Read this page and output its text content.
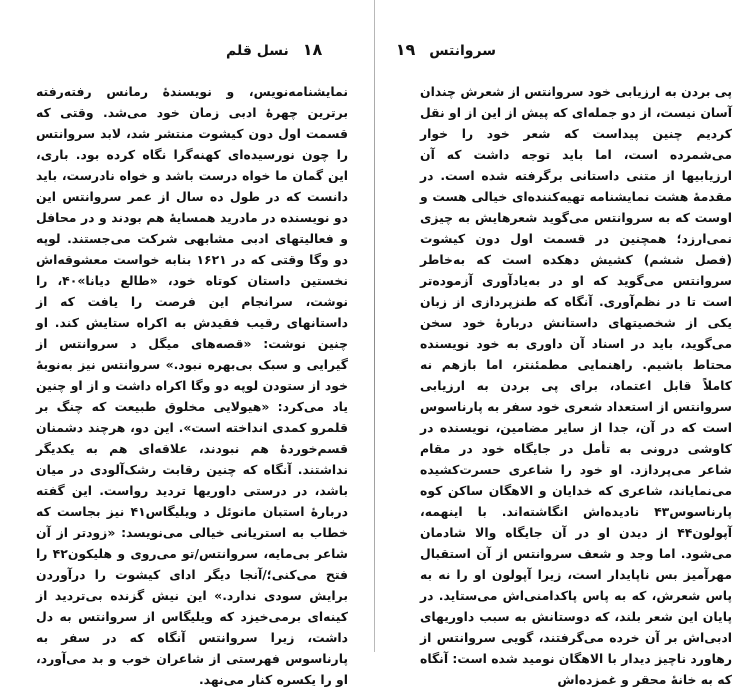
۱۸
نسل قلم

نمایشنامه‌نویس، و نویسندهٔ رمانس رفته‌رفته برترین چهرهٔ ادبی زمان خود می‌شد. وقتی که قسمت اول دون کیشوت منتشر شد، لابد سروانتس را چون نورسیده‌ای کهنه‌گرا نگاه کرده بود. باری، این گمان ما خواه درست باشد و خواه نادرست، باید دانست که در طول ده سال از عمر سروانتس این دو نویسنده در مادرید همسایهٔ هم بودند و در محافل و فعالیتهای ادبی مشابهی شرکت می‌جستند. لوپه دو وگا وقتی که در ۱۶۲۱ بنابه خواست معشوقه‌اش نخستین داستان کوتاه خود، «طالع دیانا»۴۰، را نوشت، سرانجام این فرصت را یافت که از داستانهای رقیب فقیدش به اکراه ستایش کند. او چنین نوشت: «قصه‌های میگل د سروانتس از گیرایی و سبک بی‌بهره نبود.» سروانتس نیز به‌نوبهٔ خود از ستودن لوپه دو وگا اکراه داشت و از او چنین یاد می‌کرد: «هیولایی مخلوق طبیعت که چنگ بر قلمرو کمدی انداخته است». این دو، هرچند دشمنان قسم‌خوردهٔ هم نبودند، علاقه‌ای هم به یکدیگر نداشتند. آنگاه که چنین رقابت رشک‌آلودی در میان باشد، در درستی داوریها تردید رواست. این گفته دربارهٔ استبان مانوئل د ویلیگاس۴۱ نیز بجاست که خطاب به استریانی خیالی می‌نویسد: «زودتر از آن شاعر بی‌مایه، سروانتس/تو می‌روی و هلیکون۴۲ را فتح می‌کنی؛/آنجا دیگر ادای کیشوت را درآوردن برایش سودی ندارد.» این نیش گزنده بی‌تردید از کینه‌ای برمی‌خیزد که ویلیگاس از سروانتس به دل داشت، زیرا سروانتس آنگاه که در سفر به پارناسوس فهرستی از شاعران خوب و بد می‌آورد، او را یکسره کنار می‌نهد.

سروانتس
۱۹

پی بردن به ارزیابی خود سروانتس از شعرش چندان آسان نیست، از دو جمله‌ای که پیش از این از او نقل کردیم چنین پیداست که شعر خود را خوار می‌شمرده است، اما باید توجه داشت که آن ارزیابیها از متنی داستانی برگرفته شده است. در مقدمهٔ هشت نمایشنامه تهیه‌کننده‌ای خیالی هست و اوست که به سروانتس می‌گوید شعرهایش به چیزی نمی‌ارزد؛ همچنین در قسمت اول دون کیشوت (فصل ششم) کشیش دهکده است که به‌خاطر سروانتس می‌گوید که او در به‌یادآوری آزموده‌تر است تا در نظم‌آوری. آنگاه که طنزپردازی از زبان یکی از شخصیتهای داستانش دربارهٔ خود سخن می‌گوید، باید در اسناد آن داوری به خود نویسنده محتاط باشیم. راهنمایی مطمئنتر، اما بازهم نه کاملاً قابل اعتماد، برای پی بردن به ارزیابی سروانتس از استعداد شعری خود سفر به پارناسوس است که در آن، جدا از سایر مضامین، نویسنده در کاوشی درونی به تأمل در جایگاه خود در مقام شاعر می‌پردازد. او خود را شاعری حسرت‌کشیده می‌نمایاند، شاعری که خدایان و الاهگان ساکن کوه پارناسوس۴۳ نادیده‌اش انگاشته‌اند. با اینهمه، آپولون۴۴ از دیدن او در آن جایگاه والا شادمان می‌شود. اما وجد و شعف سروانتس از آن استقبال مهرآمیز بس ناپایدار است، زیرا آپولون او را نه به پاس شعرش، که به پاس پاکدامنی‌اش می‌ستاید. در پایان این شعر بلند، که دوستانش به سبب داوریهای ادبی‌اش بر آن خرده می‌گرفتند، گویی سروانتس از رهاورد ناچیز دیدار با الاهگان نومید شده است: آنگاه که به خانهٔ محقر و غمزده‌اش
